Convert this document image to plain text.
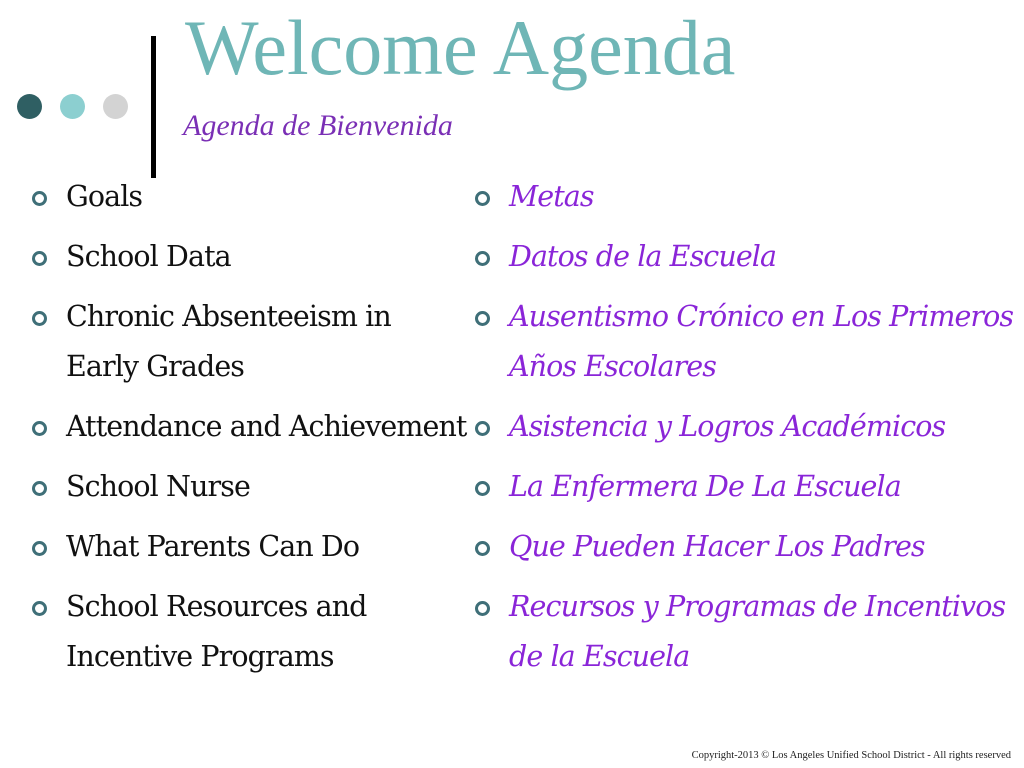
Welcome Agenda
Agenda de Bienvenida
Goals
School Data
Chronic Absenteeism in Early Grades
Attendance and Achievement
School Nurse
What Parents Can Do
School Resources and Incentive Programs
Metas
Datos de la Escuela
Ausentismo Crónico en Los Primeros Años Escolares
Asistencia y Logros Académicos
La Enfermera De La Escuela
Que Pueden Hacer Los Padres
Recursos y Programas de Incentivos de la Escuela
Copyright-2013 © Los Angeles Unified School District - All rights reserved
